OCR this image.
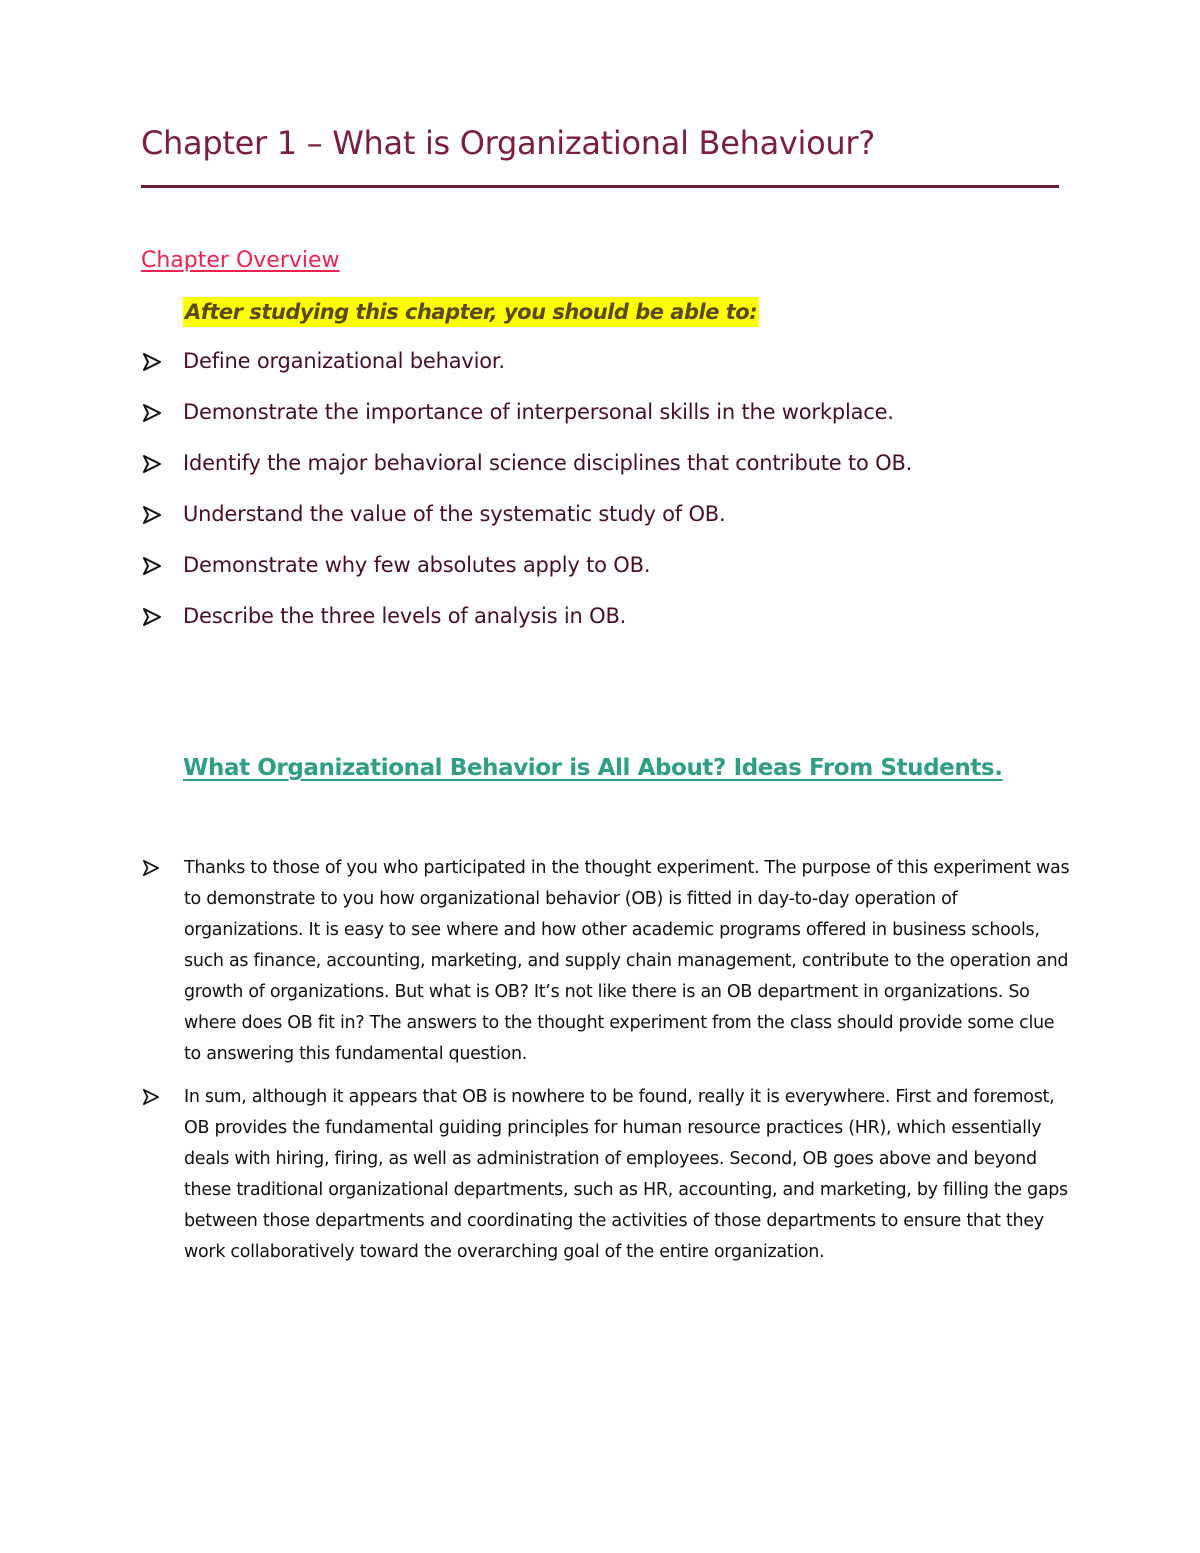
Chapter 1 – What is Organizational Behaviour?
Chapter Overview

After studying this chapter, you should be able to:

Define organizational behavior.
Demonstrate the importance of interpersonal skills in the workplace.
Identify the major behavioral science disciplines that contribute to OB.
Understand the value of the systematic study of OB.
Demonstrate why few absolutes apply to OB.
Describe the three levels of analysis in OB.
What Organizational Behavior is All About? Ideas From Students.
Thanks to those of you who participated in the thought experiment. The purpose of this experiment was to demonstrate to you how organizational behavior (OB) is fitted in day-to-day operation of organizations. It is easy to see where and how other academic programs offered in business schools, such as finance, accounting, marketing, and supply chain management, contribute to the operation and growth of organizations. But what is OB? It’s not like there is an OB department in organizations. So where does OB fit in? The answers to the thought experiment from the class should provide some clue to answering this fundamental question.
In sum, although it appears that OB is nowhere to be found, really it is everywhere. First and foremost, OB provides the fundamental guiding principles for human resource practices (HR), which essentially deals with hiring, firing, as well as administration of employees. Second, OB goes above and beyond these traditional organizational departments, such as HR, accounting, and marketing, by filling the gaps between those departments and coordinating the activities of those departments to ensure that they work collaboratively toward the overarching goal of the entire organization.
